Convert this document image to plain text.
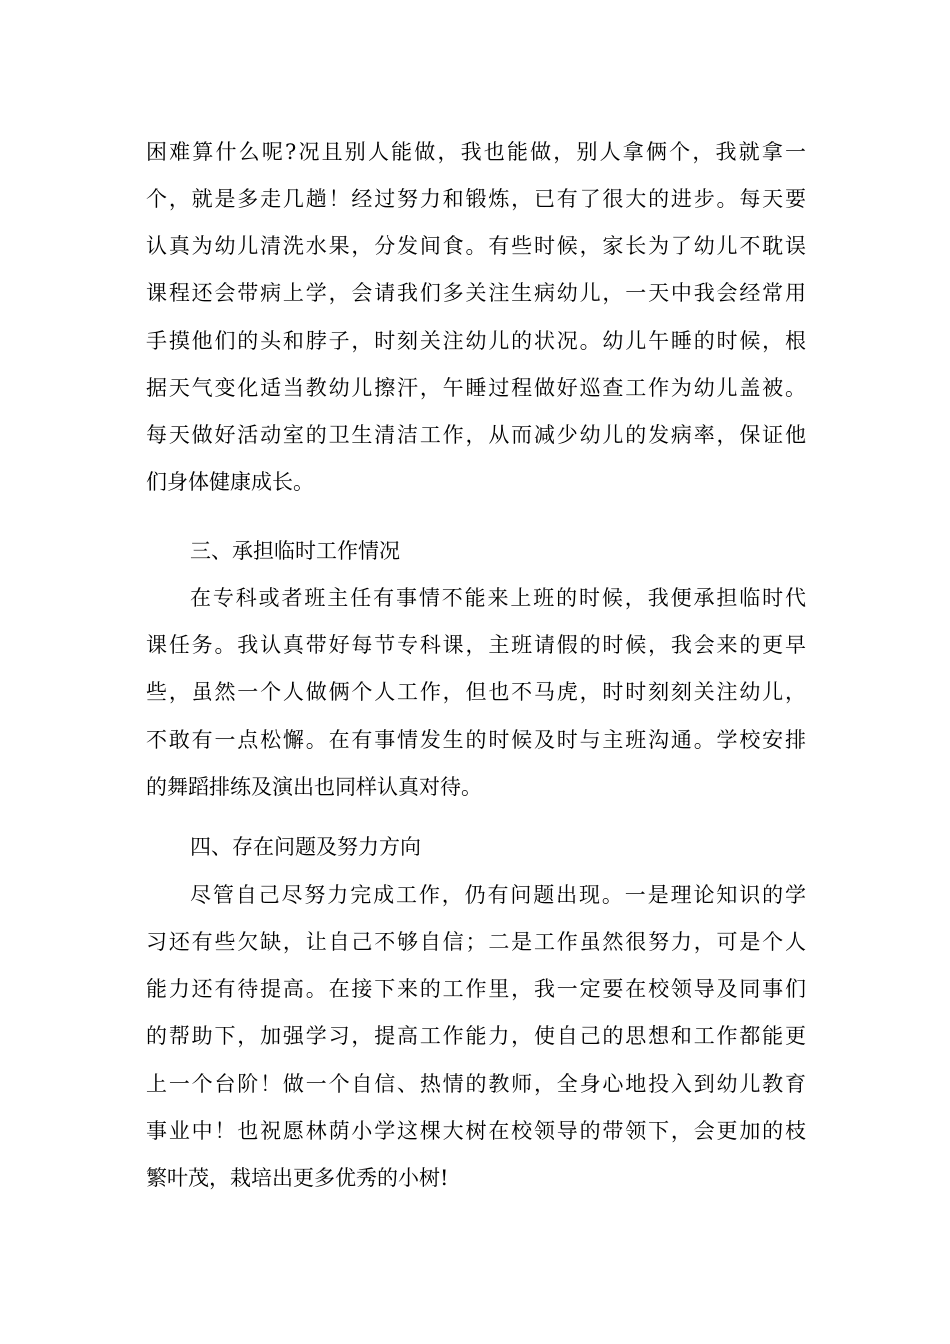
困难算什么呢?况且别人能做，我也能做，别人拿俩个，我就拿一
个，就是多走几趟！经过努力和锻炼，已有了很大的进步。每天要
认真为幼儿清洗水果，分发间食。有些时候，家长为了幼儿不耽误
课程还会带病上学，会请我们多关注生病幼儿，一天中我会经常用
手摸他们的头和脖子，时刻关注幼儿的状况。幼儿午睡的时候，根
据天气变化适当教幼儿擦汗，午睡过程做好巡查工作为幼儿盖被。
每天做好活动室的卫生清洁工作，从而减少幼儿的发病率，保证他
们身体健康成长。
三、承担临时工作情况
在专科或者班主任有事情不能来上班的时候，我便承担临时代
课任务。我认真带好每节专科课，主班请假的时候，我会来的更早
些，虽然一个人做俩个人工作，但也不马虎，时时刻刻关注幼儿，
不敢有一点松懈。在有事情发生的时候及时与主班沟通。学校安排
的舞蹈排练及演出也同样认真对待。
四、存在问题及努力方向
尽管自己尽努力完成工作，仍有问题出现。一是理论知识的学
习还有些欠缺，让自己不够自信；二是工作虽然很努力，可是个人
能力还有待提高。在接下来的工作里，我一定要在校领导及同事们
的帮助下，加强学习，提高工作能力，使自己的思想和工作都能更
上一个台阶！做一个自信、热情的教师，全身心地投入到幼儿教育
事业中！也祝愿林荫小学这棵大树在校领导的带领下，会更加的枝
繁叶茂，栽培出更多优秀的小树!
